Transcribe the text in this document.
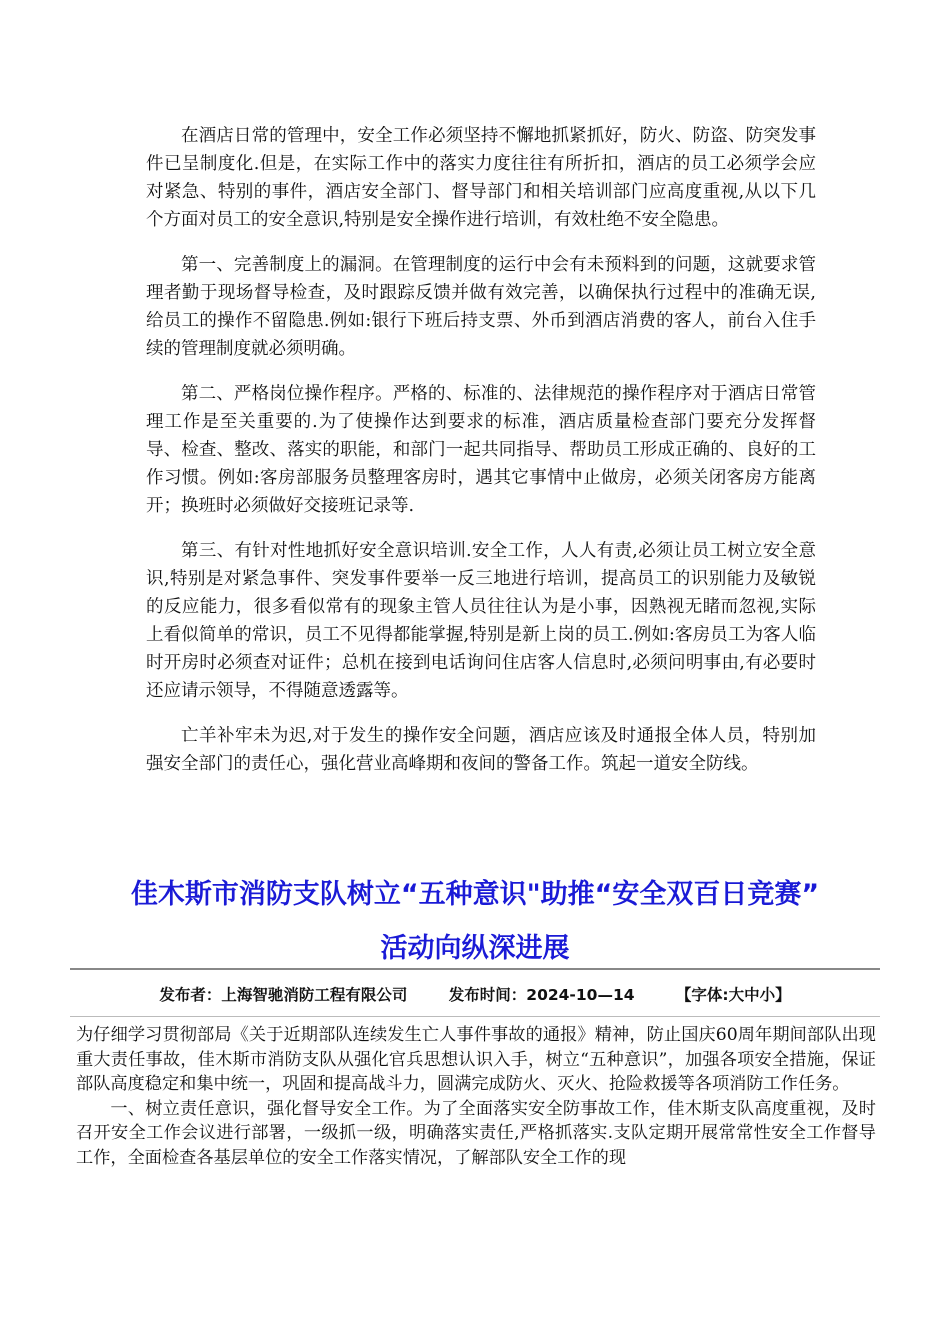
在酒店日常的管理中，安全工作必须坚持不懈地抓紧抓好，防火、防盗、防突发事件已呈制度化.但是，在实际工作中的落实力度往往有所折扣，酒店的员工必须学会应对紧急、特别的事件，酒店安全部门、督导部门和相关培训部门应高度重视,从以下几个方面对员工的安全意识,特别是安全操作进行培训，有效杜绝不安全隐患。

第一、完善制度上的漏洞。在管理制度的运行中会有未预料到的问题，这就要求管理者勤于现场督导检查，及时跟踪反馈并做有效完善，以确保执行过程中的准确无误,给员工的操作不留隐患.例如:银行下班后持支票、外币到酒店消费的客人，前台入住手续的管理制度就必须明确。

第二、严格岗位操作程序。严格的、标准的、法律规范的操作程序对于酒店日常管理工作是至关重要的.为了使操作达到要求的标准，酒店质量检查部门要充分发挥督导、检查、整改、落实的职能，和部门一起共同指导、帮助员工形成正确的、良好的工作习惯。例如:客房部服务员整理客房时，遇其它事情中止做房，必须关闭客房方能离开；换班时必须做好交接班记录等.

第三、有针对性地抓好安全意识培训.安全工作，人人有责,必须让员工树立安全意识,特别是对紧急事件、突发事件要举一反三地进行培训，提高员工的识别能力及敏锐的反应能力，很多看似常有的现象主管人员往往认为是小事，因熟视无睹而忽视,实际上看似简单的常识，员工不见得都能掌握,特别是新上岗的员工.例如:客房员工为客人临时开房时必须查对证件；总机在接到电话询问住店客人信息时,必须问明事由,有必要时还应请示领导，不得随意透露等。

亡羊补牢未为迟,对于发生的操作安全问题，酒店应该及时通报全体人员，特别加强安全部门的责任心，强化营业高峰期和夜间的警备工作。筑起一道安全防线。

佳木斯市消防支队树立“五种意识"助推“安全双百日竞赛”
活动向纵深进展
发布者：上海智驰消防工程有限公司	发布时间：2024-10—14	【字体:大中小】

为仔细学习贯彻部局《关于近期部队连续发生亡人事件事故的通报》精神，防止国庆60周年期间部队出现重大责任事故，佳木斯市消防支队从强化官兵思想认识入手，树立“五种意识”，加强各项安全措施，保证部队高度稳定和集中统一，巩固和提高战斗力，圆满完成防火、灭火、抢险救援等各项消防工作任务。

一、树立责任意识，强化督导安全工作。为了全面落实安全防事故工作，佳木斯支队高度重视，及时召开安全工作会议进行部署，一级抓一级，明确落实责任,严格抓落实.支队定期开展常常性安全工作督导工作，全面检查各基层单位的安全工作落实情况，了解部队安全工作的现
